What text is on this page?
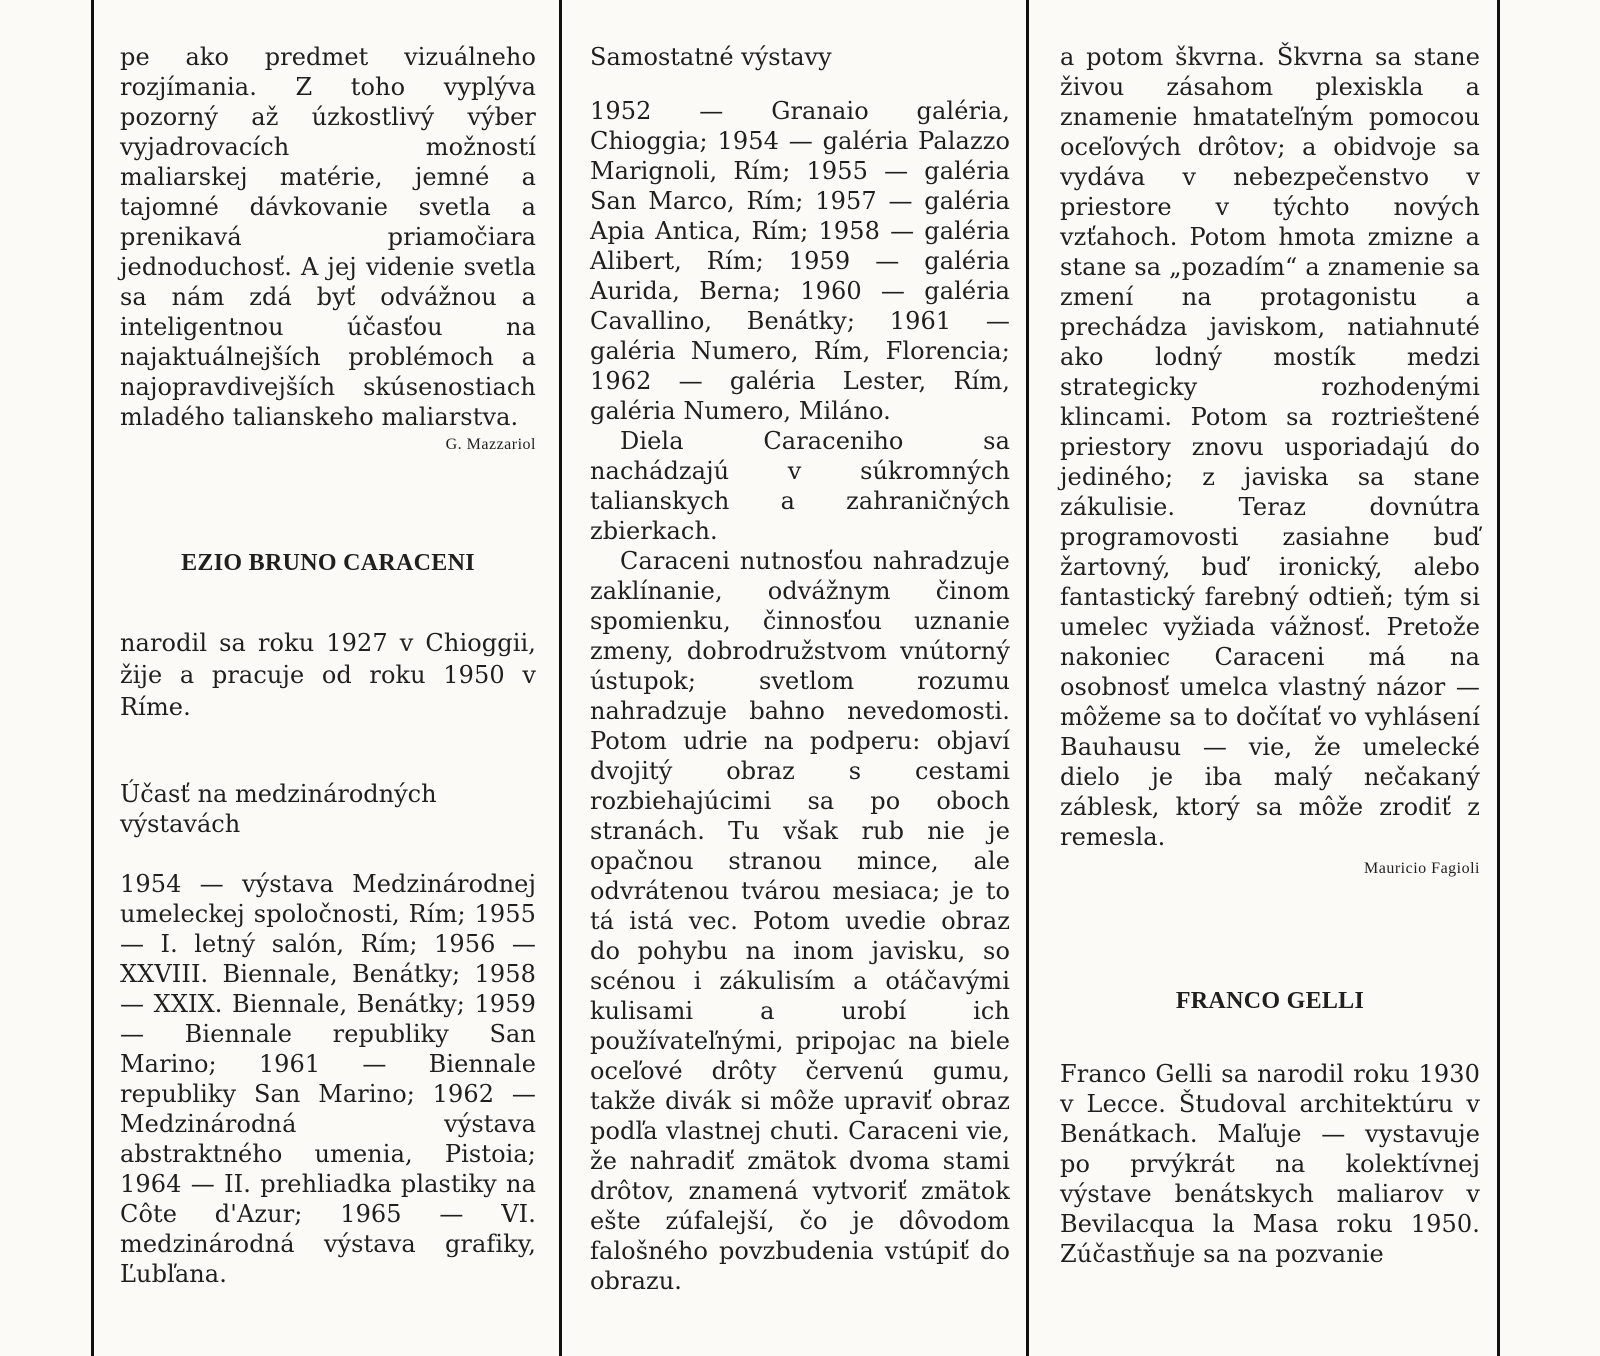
pe ako predmet vizuálneho rozjímania. Z toho vyplýva pozorný až úzkostlivý výber vyjadrovacích možností maliarskej matérie, jemné a tajomné dávkovanie svetla a prenikavá priamočiara jednoduchosť. A jej videnie svetla sa nám zdá byť odvážnou a inteligentnou účasťou na najaktuálnejších problémoch a najopravdivejších skúsenostiach mladého talianskeho maliarstva.

G. Mazzariol
EZIO BRUNO CARACENI

narodil sa roku 1927 v Chioggii, žije a pracuje od roku 1950 v Ríme.

Účasť na medzinárodných výstavách

1954 — výstava Medzinárodnej umeleckej spoločnosti, Rím; 1955 — I. letný salón, Rím; 1956 — XXVIII. Biennale, Benátky; 1958 — XXIX. Biennale, Benátky; 1959 — Biennale republiky San Marino; 1961 — Biennale republiky San Marino; 1962 — Medzinárodná výstava abstraktného umenia, Pistoia; 1964 — II. prehliadka plastiky na Côte d'Azur; 1965 — VI. medzinárodná výstava grafiky, Ľubľana.

Samostatné výstavy

1952 — Granaio galéria, Chioggia; 1954 — galéria Palazzo Marignoli, Rím; 1955 — galéria San Marco, Rím; 1957 — galéria Apia Antica, Rím; 1958 — galéria Alibert, Rím; 1959 — galéria Aurida, Berna; 1960 — galéria Cavallino, Benátky; 1961 — galéria Numero, Rím, Florencia; 1962 — galéria Lester, Rím, galéria Numero, Miláno.

Diela Caraceniho sa nachádzajú v súkromných talianskych a zahraničných zbierkach.

Caraceni nutnosťou nahradzuje zaklínanie, odvážnym činom spomienku, činnosťou uznanie zmeny, dobrodružstvom vnútorný ústupok; svetlom rozumu nahradzuje bahno nevedomosti. Potom udrie na podperu: objaví dvojitý obraz s cestami rozbiehajúcimi sa po oboch stranách. Tu však rub nie je opačnou stranou mince, ale odvrátenou tvárou mesiaca; je to tá istá vec. Potom uvedie obraz do pohybu na inom javisku, so scénou i zákulisím a otáčavými kulisami a urobí ich používateľnými, pripojac na biele oceľové drôty červenú gumu, takže divák si môže upraviť obraz podľa vlastnej chuti. Caraceni vie, že nahradiť zmätok dvoma stami drôtov, znamená vytvoriť zmätok ešte zúfalejší, čo je dôvodom falošného povzbudenia vstúpiť do obrazu.

a potom škvrna. Škvrna sa stane živou zásahom plexiskla a znamenie hmatateľným pomocou oceľových drôtov; a obidvoje sa vydáva v nebezpečenstvo v priestore v týchto nových vzťahoch. Potom hmota zmizne a stane sa „pozadím“ a znamenie sa zmení na protagonistu a prechádza javiskom, natiahnuté ako lodný mostík medzi strategicky rozhodenými klincami. Potom sa roztrieštené priestory znovu usporiadajú do jediného; z javiska sa stane zákulisie. Teraz dovnútra programovosti zasiahne buď žartovný, buď ironický, alebo fantastický farebný odtieň; tým si umelec vyžiada vážnosť. Pretože nakoniec Caraceni má na osobnosť umelca vlastný názor — môžeme sa to dočítať vo vyhlásení Bauhausu — vie, že umelecké dielo je iba malý nečakaný záblesk, ktorý sa môže zrodiť z remesla.

Mauricio Fagioli
FRANCO GELLI

Franco Gelli sa narodil roku 1930 v Lecce. Študoval architektúru v Benátkach. Maľuje — vystavuje po prvýkrát na kolektívnej výstave benátskych maliarov v Bevilacqua la Masa roku 1950. Zúčastňuje sa na pozvanie
